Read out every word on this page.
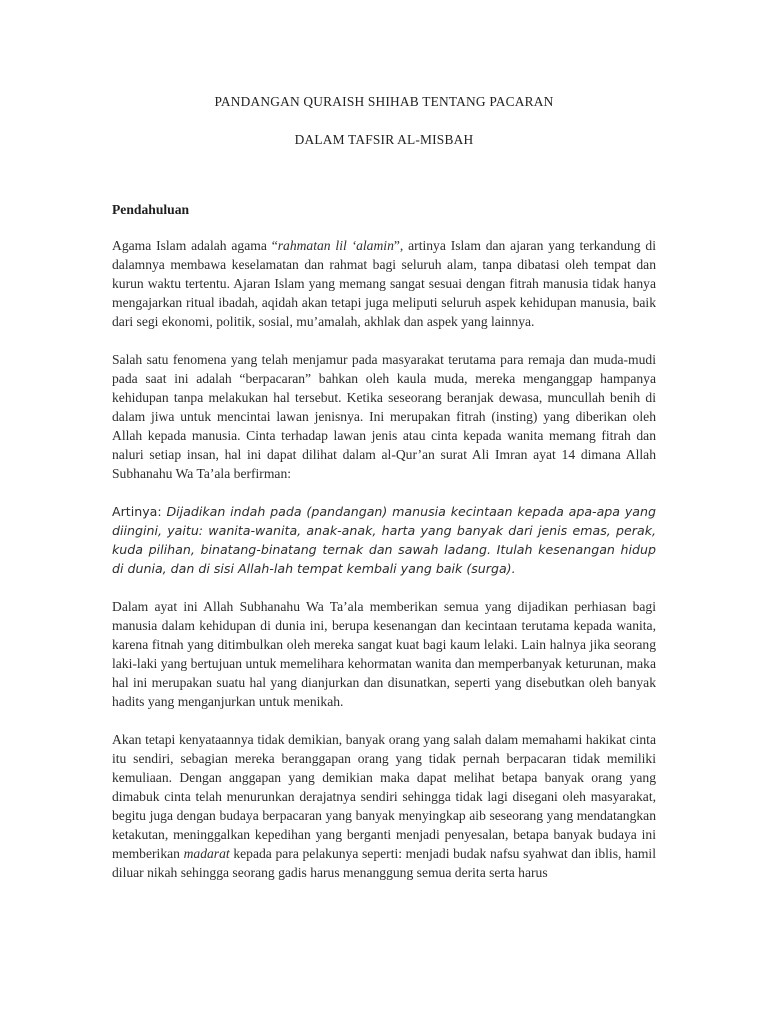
PANDANGAN QURAISH SHIHAB TENTANG PACARAN

DALAM TAFSIR AL-MISBAH

Pendahuluan

Agama Islam adalah agama “rahmatan lil ‘alamin”, artinya Islam dan ajaran yang terkandung di dalamnya membawa keselamatan dan rahmat bagi seluruh alam, tanpa dibatasi oleh tempat dan kurun waktu tertentu. Ajaran Islam yang memang sangat sesuai dengan fitrah manusia tidak hanya mengajarkan ritual ibadah, aqidah akan tetapi juga meliputi seluruh aspek kehidupan manusia, baik dari segi ekonomi, politik, sosial, mu’amalah, akhlak dan aspek yang lainnya.

Salah satu fenomena yang telah menjamur pada masyarakat terutama para remaja dan muda-mudi pada saat ini adalah “berpacaran” bahkan oleh kaula muda, mereka menganggap hampanya kehidupan tanpa melakukan hal tersebut. Ketika seseorang beranjak dewasa, muncullah benih di dalam jiwa untuk mencintai lawan jenisnya. Ini merupakan fitrah (insting) yang diberikan oleh Allah kepada manusia. Cinta terhadap lawan jenis atau cinta kepada wanita memang fitrah dan naluri setiap insan, hal ini dapat dilihat dalam al-Qur’an surat Ali Imran ayat 14 dimana Allah Subhanahu Wa Ta’ala berfirman:

Artinya: Dijadikan indah pada (pandangan) manusia kecintaan kepada apa-apa yang diingini, yaitu: wanita-wanita, anak-anak, harta yang banyak dari jenis emas, perak, kuda pilihan, binatang-binatang ternak dan sawah ladang. Itulah kesenangan hidup di dunia, dan di sisi Allah-lah tempat kembali yang baik (surga).

Dalam ayat ini Allah Subhanahu Wa Ta’ala memberikan semua yang dijadikan perhiasan bagi manusia dalam kehidupan di dunia ini, berupa kesenangan dan kecintaan terutama kepada wanita, karena fitnah yang ditimbulkan oleh mereka sangat kuat bagi kaum lelaki. Lain halnya jika seorang laki-laki yang bertujuan untuk memelihara kehormatan wanita dan memperbanyak keturunan, maka hal ini merupakan suatu hal yang dianjurkan dan disunatkan, seperti yang disebutkan oleh banyak hadits yang menganjurkan untuk menikah.

Akan tetapi kenyataannya tidak demikian, banyak orang yang salah dalam memahami hakikat cinta itu sendiri, sebagian mereka beranggapan orang yang tidak pernah berpacaran tidak memiliki kemuliaan. Dengan anggapan yang demikian maka dapat melihat betapa banyak orang yang dimabuk cinta telah menurunkan derajatnya sendiri sehingga tidak lagi disegani oleh masyarakat, begitu juga dengan budaya berpacaran yang banyak menyingkap aib seseorang yang mendatangkan ketakutan, meninggalkan kepedihan yang berganti menjadi penyesalan, betapa banyak budaya ini memberikan madarat kepada para pelakunya seperti: menjadi budak nafsu syahwat dan iblis, hamil diluar nikah sehingga seorang gadis harus menanggung semua derita serta harus
